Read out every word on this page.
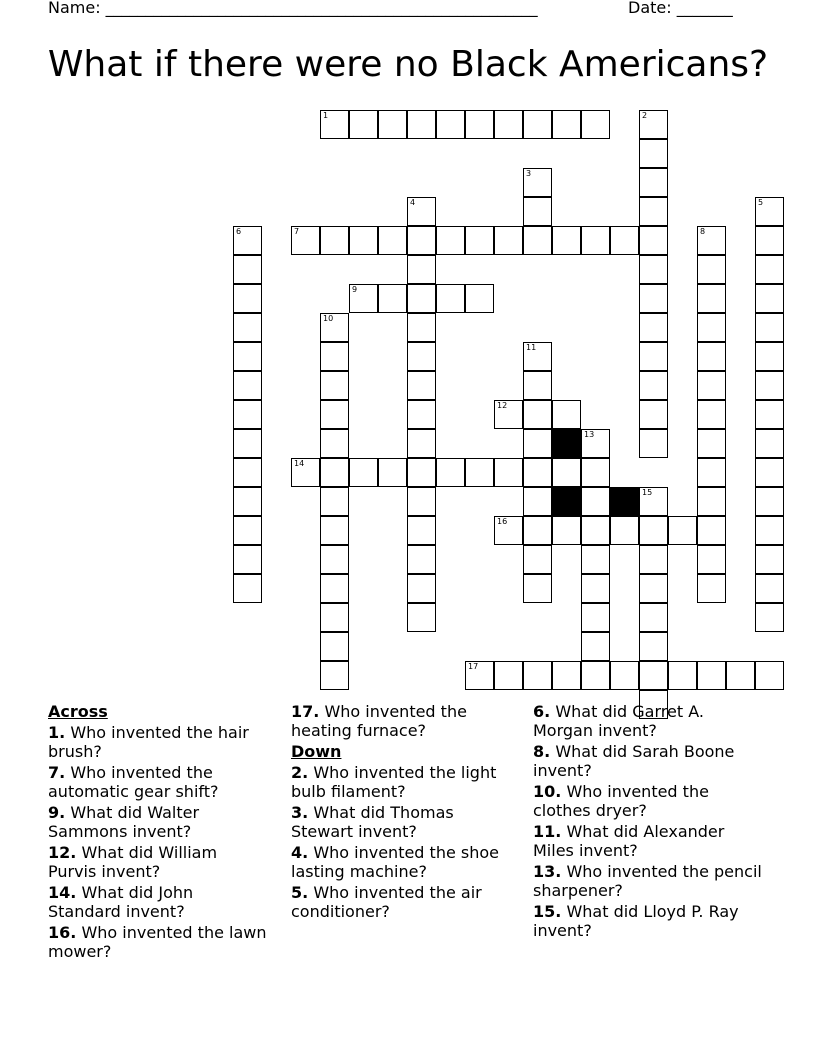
Name: ______________________________________________________	Date: _______
What if there were no Black Americans?
1	2
3
4	5
6	7	8
9
10
11
12
13
14
15
16
17
Across
1. Who invented the hair brush?
7. Who invented the automatic gear shift?
9. What did Walter Sammons invent?
12. What did William Purvis invent?
14. What did John Standard invent?
16. Who invented the lawn mower?
17. Who invented the heating furnace?
Down
2. Who invented the light bulb filament?
3. What did Thomas Stewart invent?
4. Who invented the shoe lasting machine?
5. Who invented the air conditioner?
6. What did Garret A. Morgan invent?
8. What did Sarah Boone invent?
10. Who invented the clothes dryer?
11. What did Alexander Miles invent?
13. Who invented the pencil sharpener?
15. What did Lloyd P. Ray invent?
